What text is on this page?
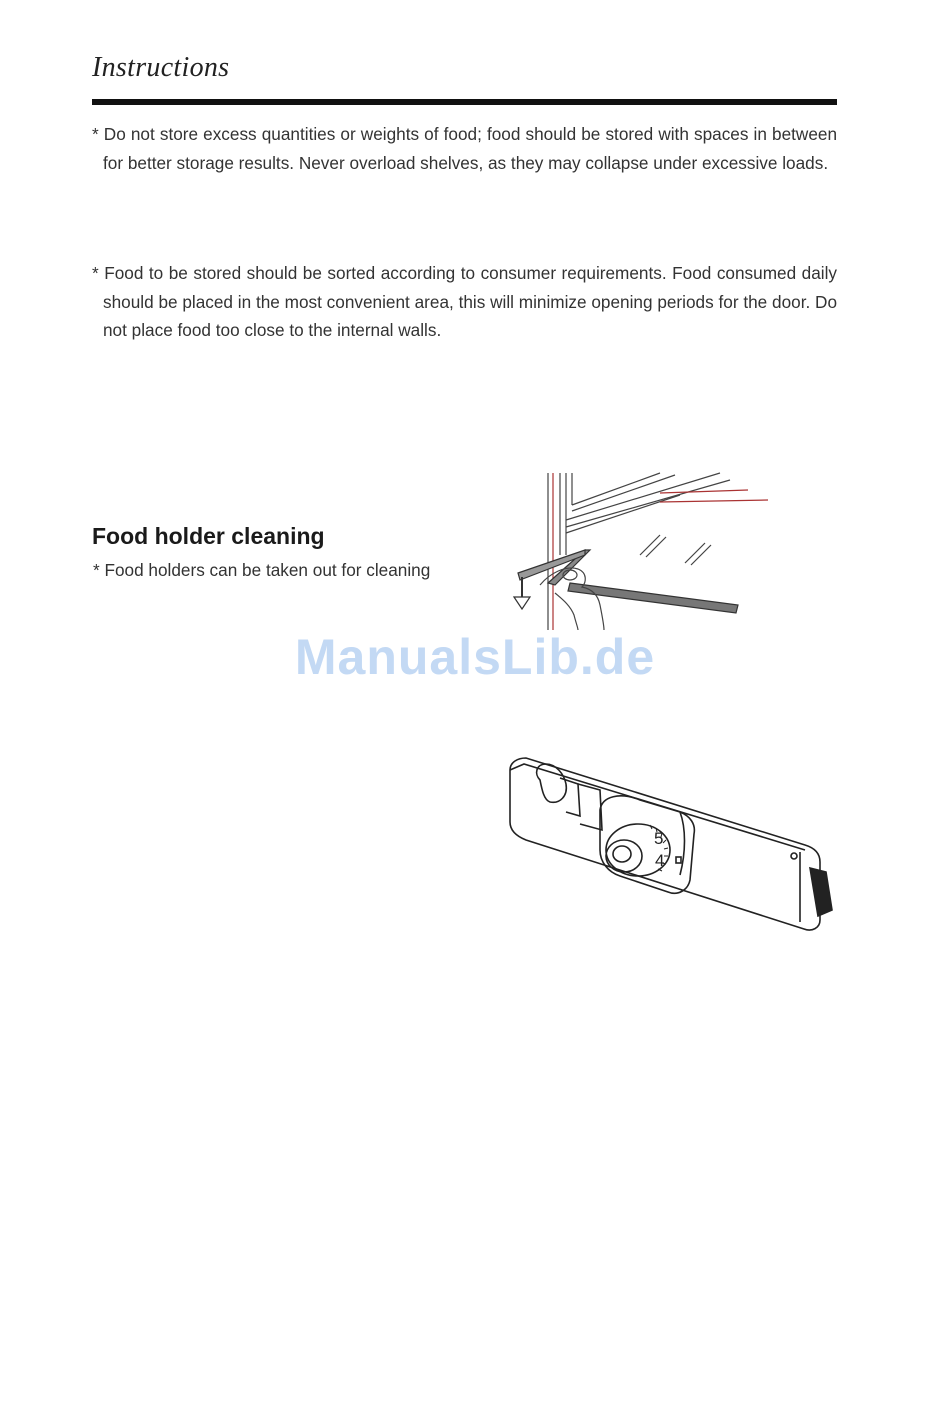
Instructions
* Do not store excess quantities or weights of food; food should be stored with spaces in between for better storage results. Never overload shelves, as they may collapse under excessive loads.
* Food to be stored should be sorted according to consumer requirements. Food consumed daily should be placed in the most convenient area, this will minimize opening periods for the door. Do not place food too close to the internal walls.
Food holder cleaning
* Food holders can be taken out for cleaning
5
4
ManualsLib.de
